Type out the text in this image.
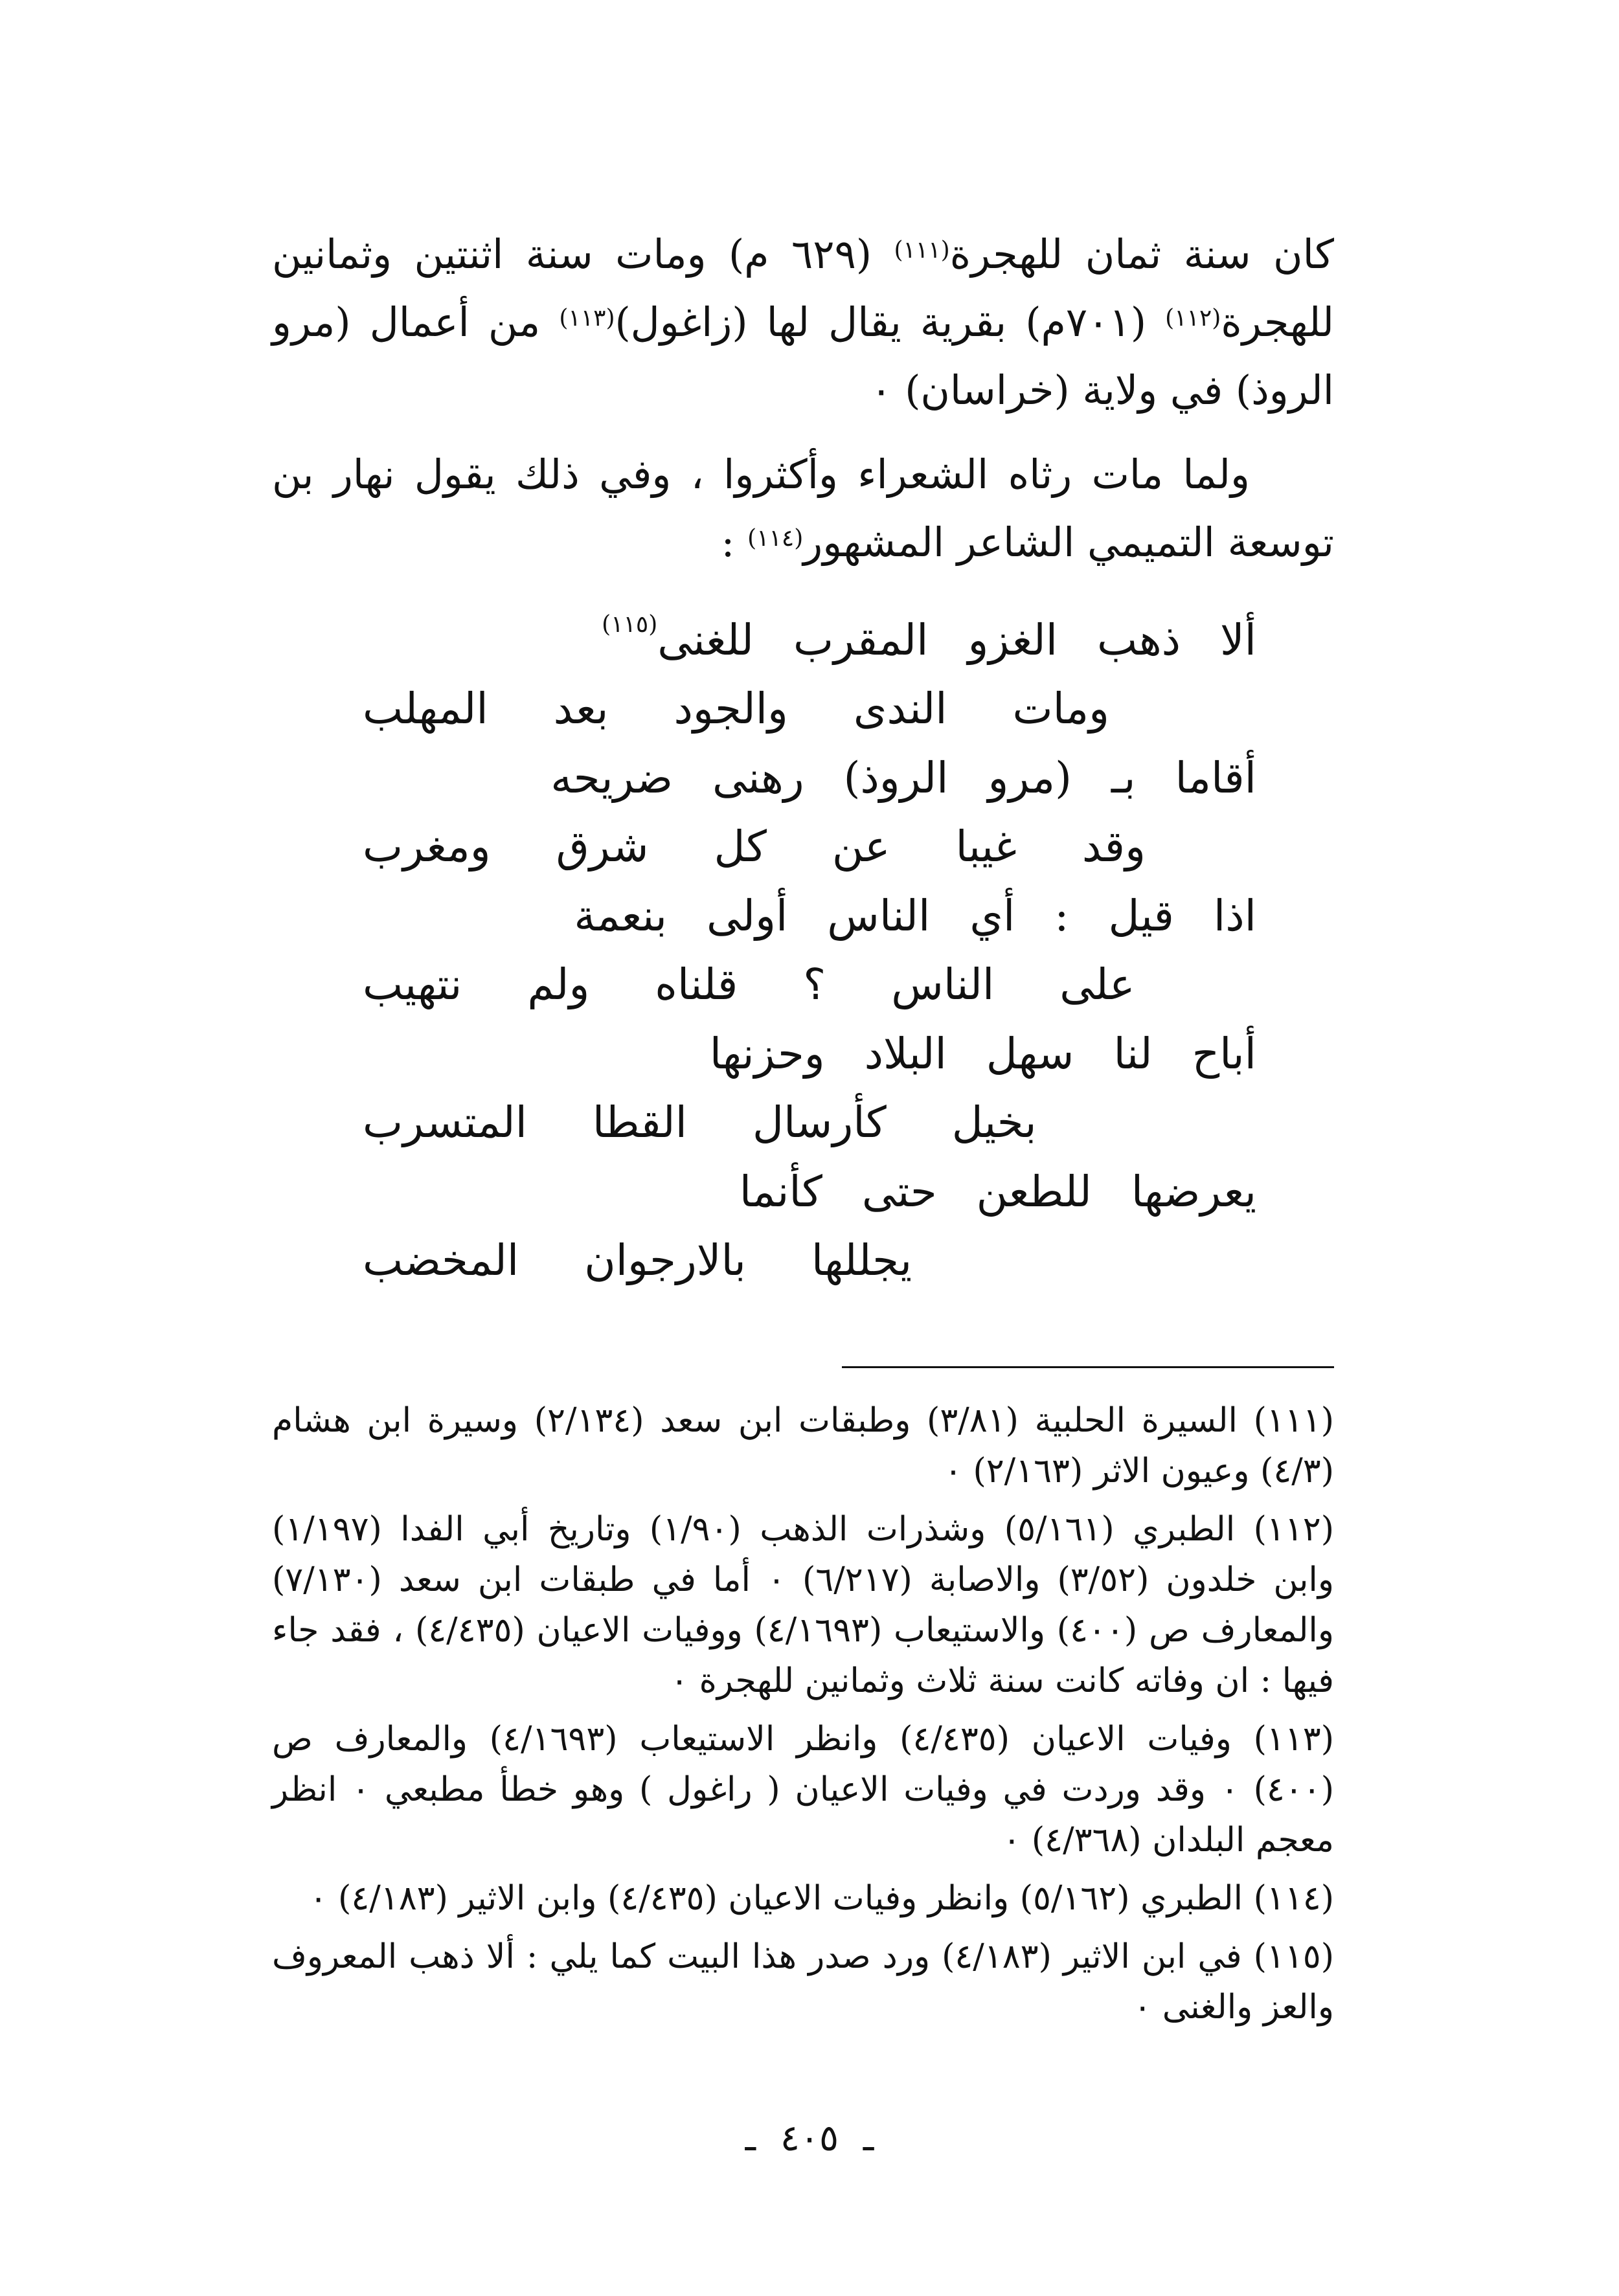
كان سنة ثمان للهجرة$^{(١١١)}$ (٦٢٩ م) ومات سنة اثنتين وثمانين للهجرة$^{(١١٢)}$ (٧٠١م) بقرية يقال لها (زاغول)$^{(١١٣)}$ من أعمال (مرو الروذ) في ولاية (خراسان) ٠

ولما مات رثاه الشعراء وأكثروا ، وفي ذلك يقول نهار بن توسعة التميمي الشاعر المشهور$^{(١١٤)}$ :

ألا ذهب الغزو المقرب للغنى$^{(١١٥)}$
ومات الندى والجود بعد المهلب
أقاما بـ (مرو الروذ) رهنى ضريحه
وقد غيبا عن كل شرق ومغرب
اذا قيل : أي الناس أولى بنعمة
على الناس ؟ قلناه ولم نتهيب
أباح لنا سهل البلاد وحزنها
بخيل كأرسال القطا المتسرب
يعرضها للطعن حتى كأنما
يجللها بالارجوان المخضب

(١١١) السيرة الحلبية (٣/٨١) وطبقات ابن سعد (٢/١٣٤) وسيرة ابن هشام (٤/٣) وعيون الاثر (٢/١٦٣) ٠

(١١٢) الطبري (٥/١٦١) وشذرات الذهب (١/٩٠) وتاريخ أبي الفدا (١/١٩٧) وابن خلدون (٣/٥٢) والاصابة (٦/٢١٧) ٠ أما في طبقات ابن سعد (٧/١٣٠) والمعارف ص (٤٠٠) والاستيعاب (٤/١٦٩٣) ووفيات الاعيان (٤/٤٣٥) ، فقد جاء فيها : ان وفاته كانت سنة ثلاث وثمانين للهجرة ٠

(١١٣) وفيات الاعيان (٤/٤٣٥) وانظر الاستيعاب (٤/١٦٩٣) والمعارف ص (٤٠٠) ٠ وقد وردت في وفيات الاعيان ( راغول ) وهو خطأ مطبعي ٠ انظر معجم البلدان (٤/٣٦٨) ٠

(١١٤) الطبري (٥/١٦٢) وانظر وفيات الاعيان (٤/٤٣٥) وابن الاثير (٤/١٨٣) ٠

(١١٥) في ابن الاثير (٤/١٨٣) ورد صدر هذا البيت كما يلي : ألا ذهب المعروف والعز والغنى ٠

ـ ٤٠٥ ـ
